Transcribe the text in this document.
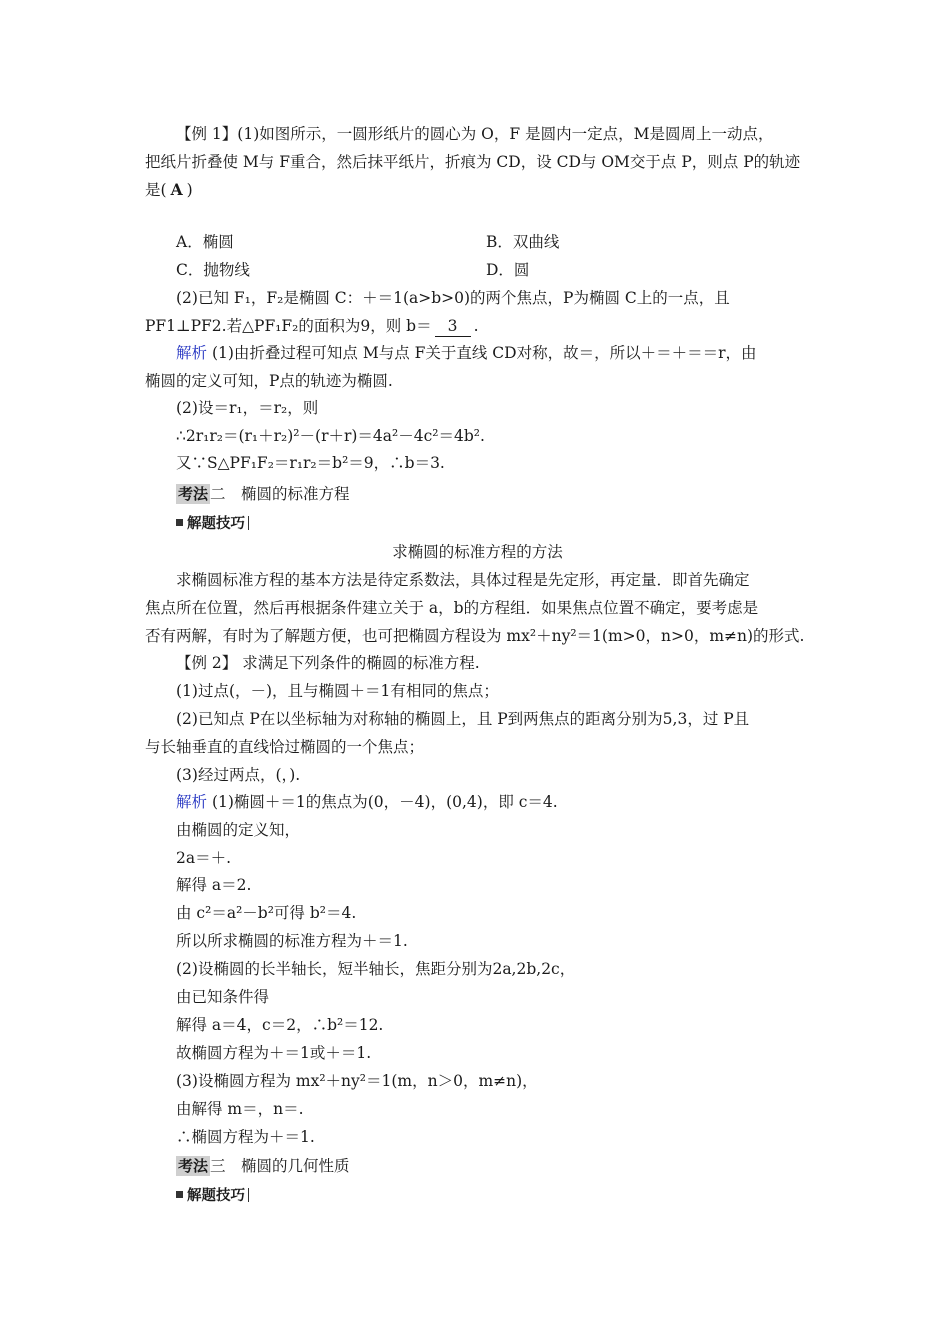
【例 1】(1)如图所示，一圆形纸片的圆心为 O，F 是圆内一定点，M是圆周上一动点，
把纸片折叠使 M与 F重合，然后抹平纸片，折痕为 CD，设 CD与 OM交于点 P，则点 P的轨迹
是( A )
A．椭圆	B．双曲线
C．抛物线	D．圆
(2)已知 F₁，F₂是椭圆 C：＋＝1(a>b>0)的两个焦点，P为椭圆 C上的一点，且
PF1⊥PF2.若△PF₁F₂的面积为9，则 b＝ 3 .
解析 (1)由折叠过程可知点 M与点 F关于直线 CD对称，故＝，所以＋＝＋＝＝r，由
椭圆的定义可知，P点的轨迹为椭圆.
(2)设＝r₁，＝r₂，则
∴2r₁r₂＝(r₁＋r₂)²－(r＋r)＝4a²－4c²＝4b².
又∵S△PF₁F₂＝r₁r₂＝b²＝9，∴b＝3.
考法 二　椭圆的标准方程
解题技巧
求椭圆的标准方程的方法
求椭圆标准方程的基本方法是待定系数法，具体过程是先定形，再定量．即首先确定
焦点所在位置，然后再根据条件建立关于 a，b的方程组．如果焦点位置不确定，要考虑是
否有两解，有时为了解题方便，也可把椭圆方程设为 mx²＋ny²＝1(m>0，n>0，m≠n)的形式.
【例 2】 求满足下列条件的椭圆的标准方程.
(1)过点(，－)，且与椭圆＋＝1有相同的焦点；
(2)已知点 P在以坐标轴为对称轴的椭圆上，且 P到两焦点的距离分别为5,3，过 P且
与长轴垂直的直线恰过椭圆的一个焦点；
(3)经过两点，(，).
解析 (1)椭圆＋＝1的焦点为(0，－4)，(0,4)，即 c＝4.
由椭圆的定义知，
2a＝＋.
解得 a＝2.
由 c²＝a²－b²可得 b²＝4.
所以所求椭圆的标准方程为＋＝1.
(2)设椭圆的长半轴长，短半轴长，焦距分别为2a,2b,2c，
由已知条件得
解得 a＝4，c＝2，∴b²＝12.
故椭圆方程为＋＝1或＋＝1.
(3)设椭圆方程为 mx²＋ny²＝1(m，n＞0，m≠n)，
由解得 m＝，n＝.
∴椭圆方程为＋＝1.
考法 三　椭圆的几何性质
解题技巧
